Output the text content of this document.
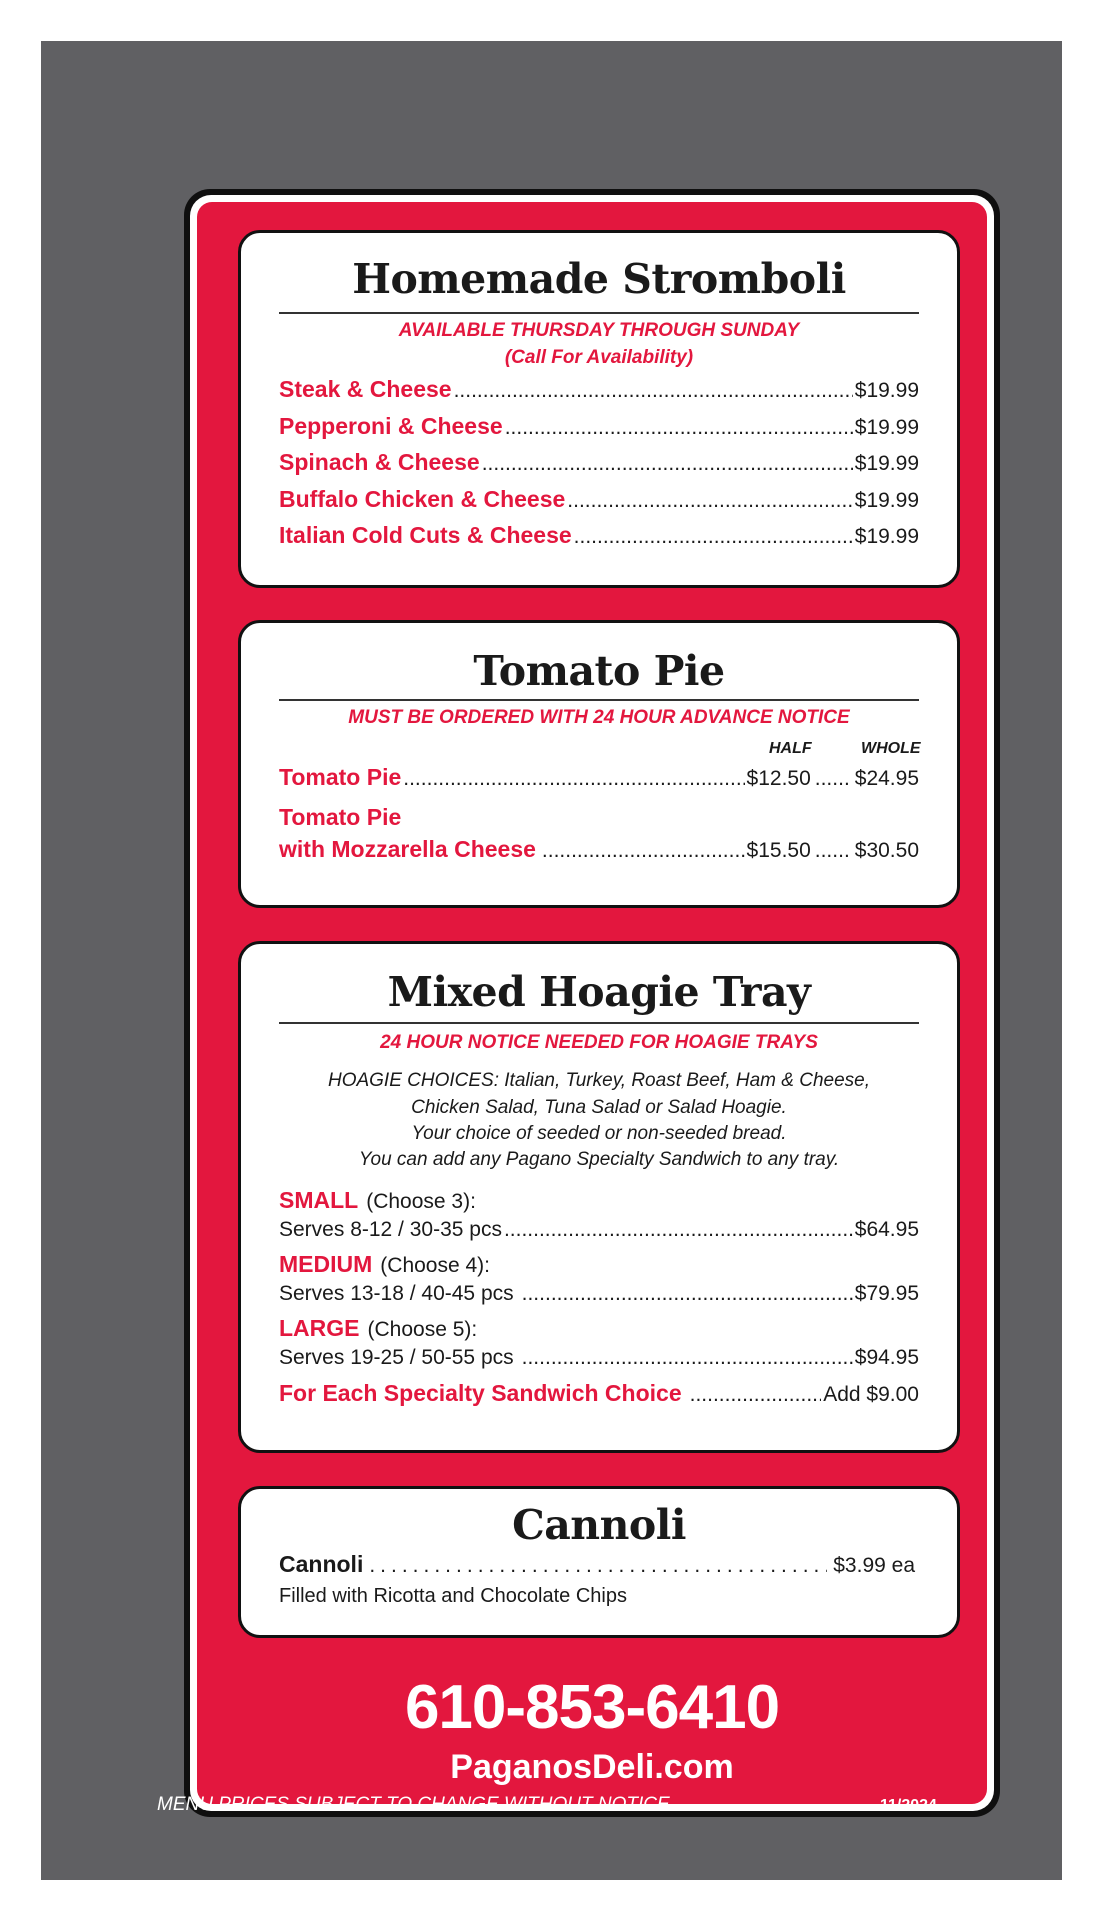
Homemade Stromboli
AVAILABLE THURSDAY THROUGH SUNDAY
(Call For Availability)
Steak & Cheese .....	$19.99
Pepperoni & Cheese .....	$19.99
Spinach & Cheese .....	$19.99
Buffalo Chicken & Cheese .....	$19.99
Italian Cold Cuts & Cheese .....	$19.99
Tomato Pie
MUST BE ORDERED WITH 24 HOUR ADVANCE NOTICE
HALF	WHOLE
Tomato Pie .....	$12.50 ..... $24.95
Tomato Pie
with Mozzarella Cheese .....	$15.50 ..... $30.50
Mixed Hoagie Tray
24 HOUR NOTICE NEEDED FOR HOAGIE TRAYS
HOAGIE CHOICES: Italian, Turkey, Roast Beef, Ham & Cheese,
Chicken Salad, Tuna Salad or Salad Hoagie.
Your choice of seeded or non-seeded bread.
You can add any Pagano Specialty Sandwich to any tray.
SMALL (Choose 3):
Serves 8-12 / 30-35 pcs .....	$64.95
MEDIUM (Choose 4):
Serves 13-18 / 40-45 pcs .....	$79.95
LARGE (Choose 5):
Serves 19-25 / 50-55 pcs .....	$94.95
For Each Specialty Sandwich Choice .....	Add $9.00
Cannoli
Cannoli .....	$3.99 ea
Filled with Ricotta and Chocolate Chips
610-853-6410
PaganosDeli.com
MENU PRICES SUBJECT TO CHANGE WITHOUT NOTICE	11/2024
